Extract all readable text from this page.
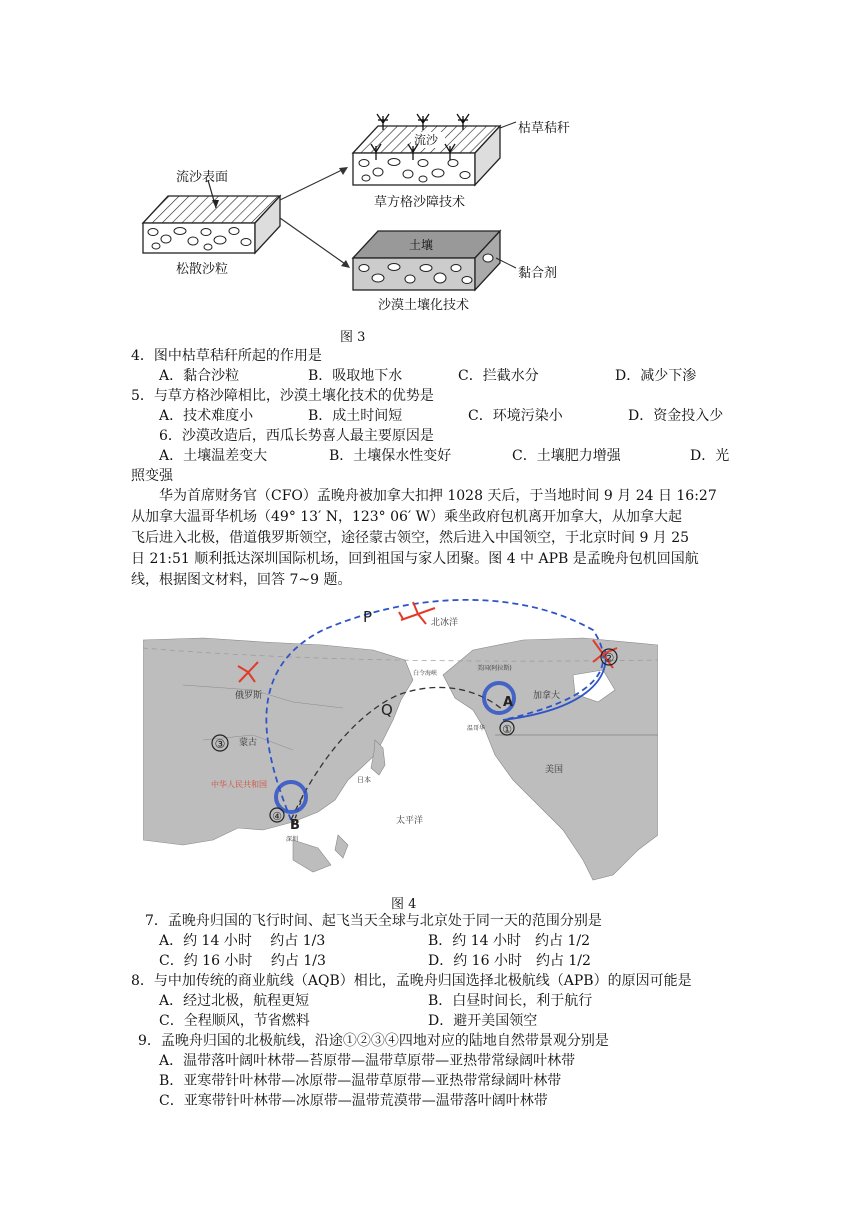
流沙表面
松散沙粒
流沙
枯草秸秆
草方格沙障技术
土壤
黏合剂
沙漠土壤化技术
图 3
4．图中枯草秸秆所起的作用是
A．黏合沙粒	B．吸取地下水	C．拦截水分	D．减少下渗
5．与草方格沙障相比，沙漠土壤化技术的优势是
A．技术难度小	B．成土时间短	C．环境污染小	D．资金投入少
6．沙漠改造后，西瓜长势喜人最主要原因是
A．土壤温差变大	B．土壤保水性变好	C．土壤肥力增强	D．光
照变强
华为首席财务官（CFO）孟晚舟被加拿大扣押 1028 天后，于当地时间 9 月 24 日 16:27
从加拿大温哥华机场（49° 13′ N，123° 06′ W）乘坐政府包机离开加拿大，从加拿大起
飞后进入北极，借道俄罗斯领空，途径蒙古领空，然后进入中国领空，于北京时间 9 月 25
日 21:51 顺利抵达深圳国际机场，回到祖国与家人团聚。图 4 中 APB 是孟晚舟包机回国航
线，根据图文材料，回答 7~9 题。
②
③
④
①
P
Q	A
B
北冰洋
俄罗斯
蒙古
中华人民共和国	日本
太平洋
美国
美国(阿拉斯)
加拿大
白令海峡
温哥华
深圳
图 4
7．孟晚舟归国的飞行时间、起飞当天全球与北京处于同一天的范围分别是
A．约 14 小时　 约占 1/3	B．约 14 小时　约占 1/2
C．约 16 小时　 约占 1/3	D．约 16 小时　约占 1/2
8．与中加传统的商业航线（AQB）相比，孟晚舟归国选择北极航线（APB）的原因可能是
A．经过北极，航程更短	B．白昼时间长，利于航行
C．全程顺风，节省燃料	D．避开美国领空
9．孟晚舟归国的北极航线，沿途①②③④四地对应的陆地自然带景观分别是
A．温带落叶阔叶林带—苔原带—温带草原带—亚热带常绿阔叶林带
B．亚寒带针叶林带—冰原带—温带草原带—亚热带常绿阔叶林带
C．亚寒带针叶林带—冰原带—温带荒漠带—温带落叶阔叶林带
